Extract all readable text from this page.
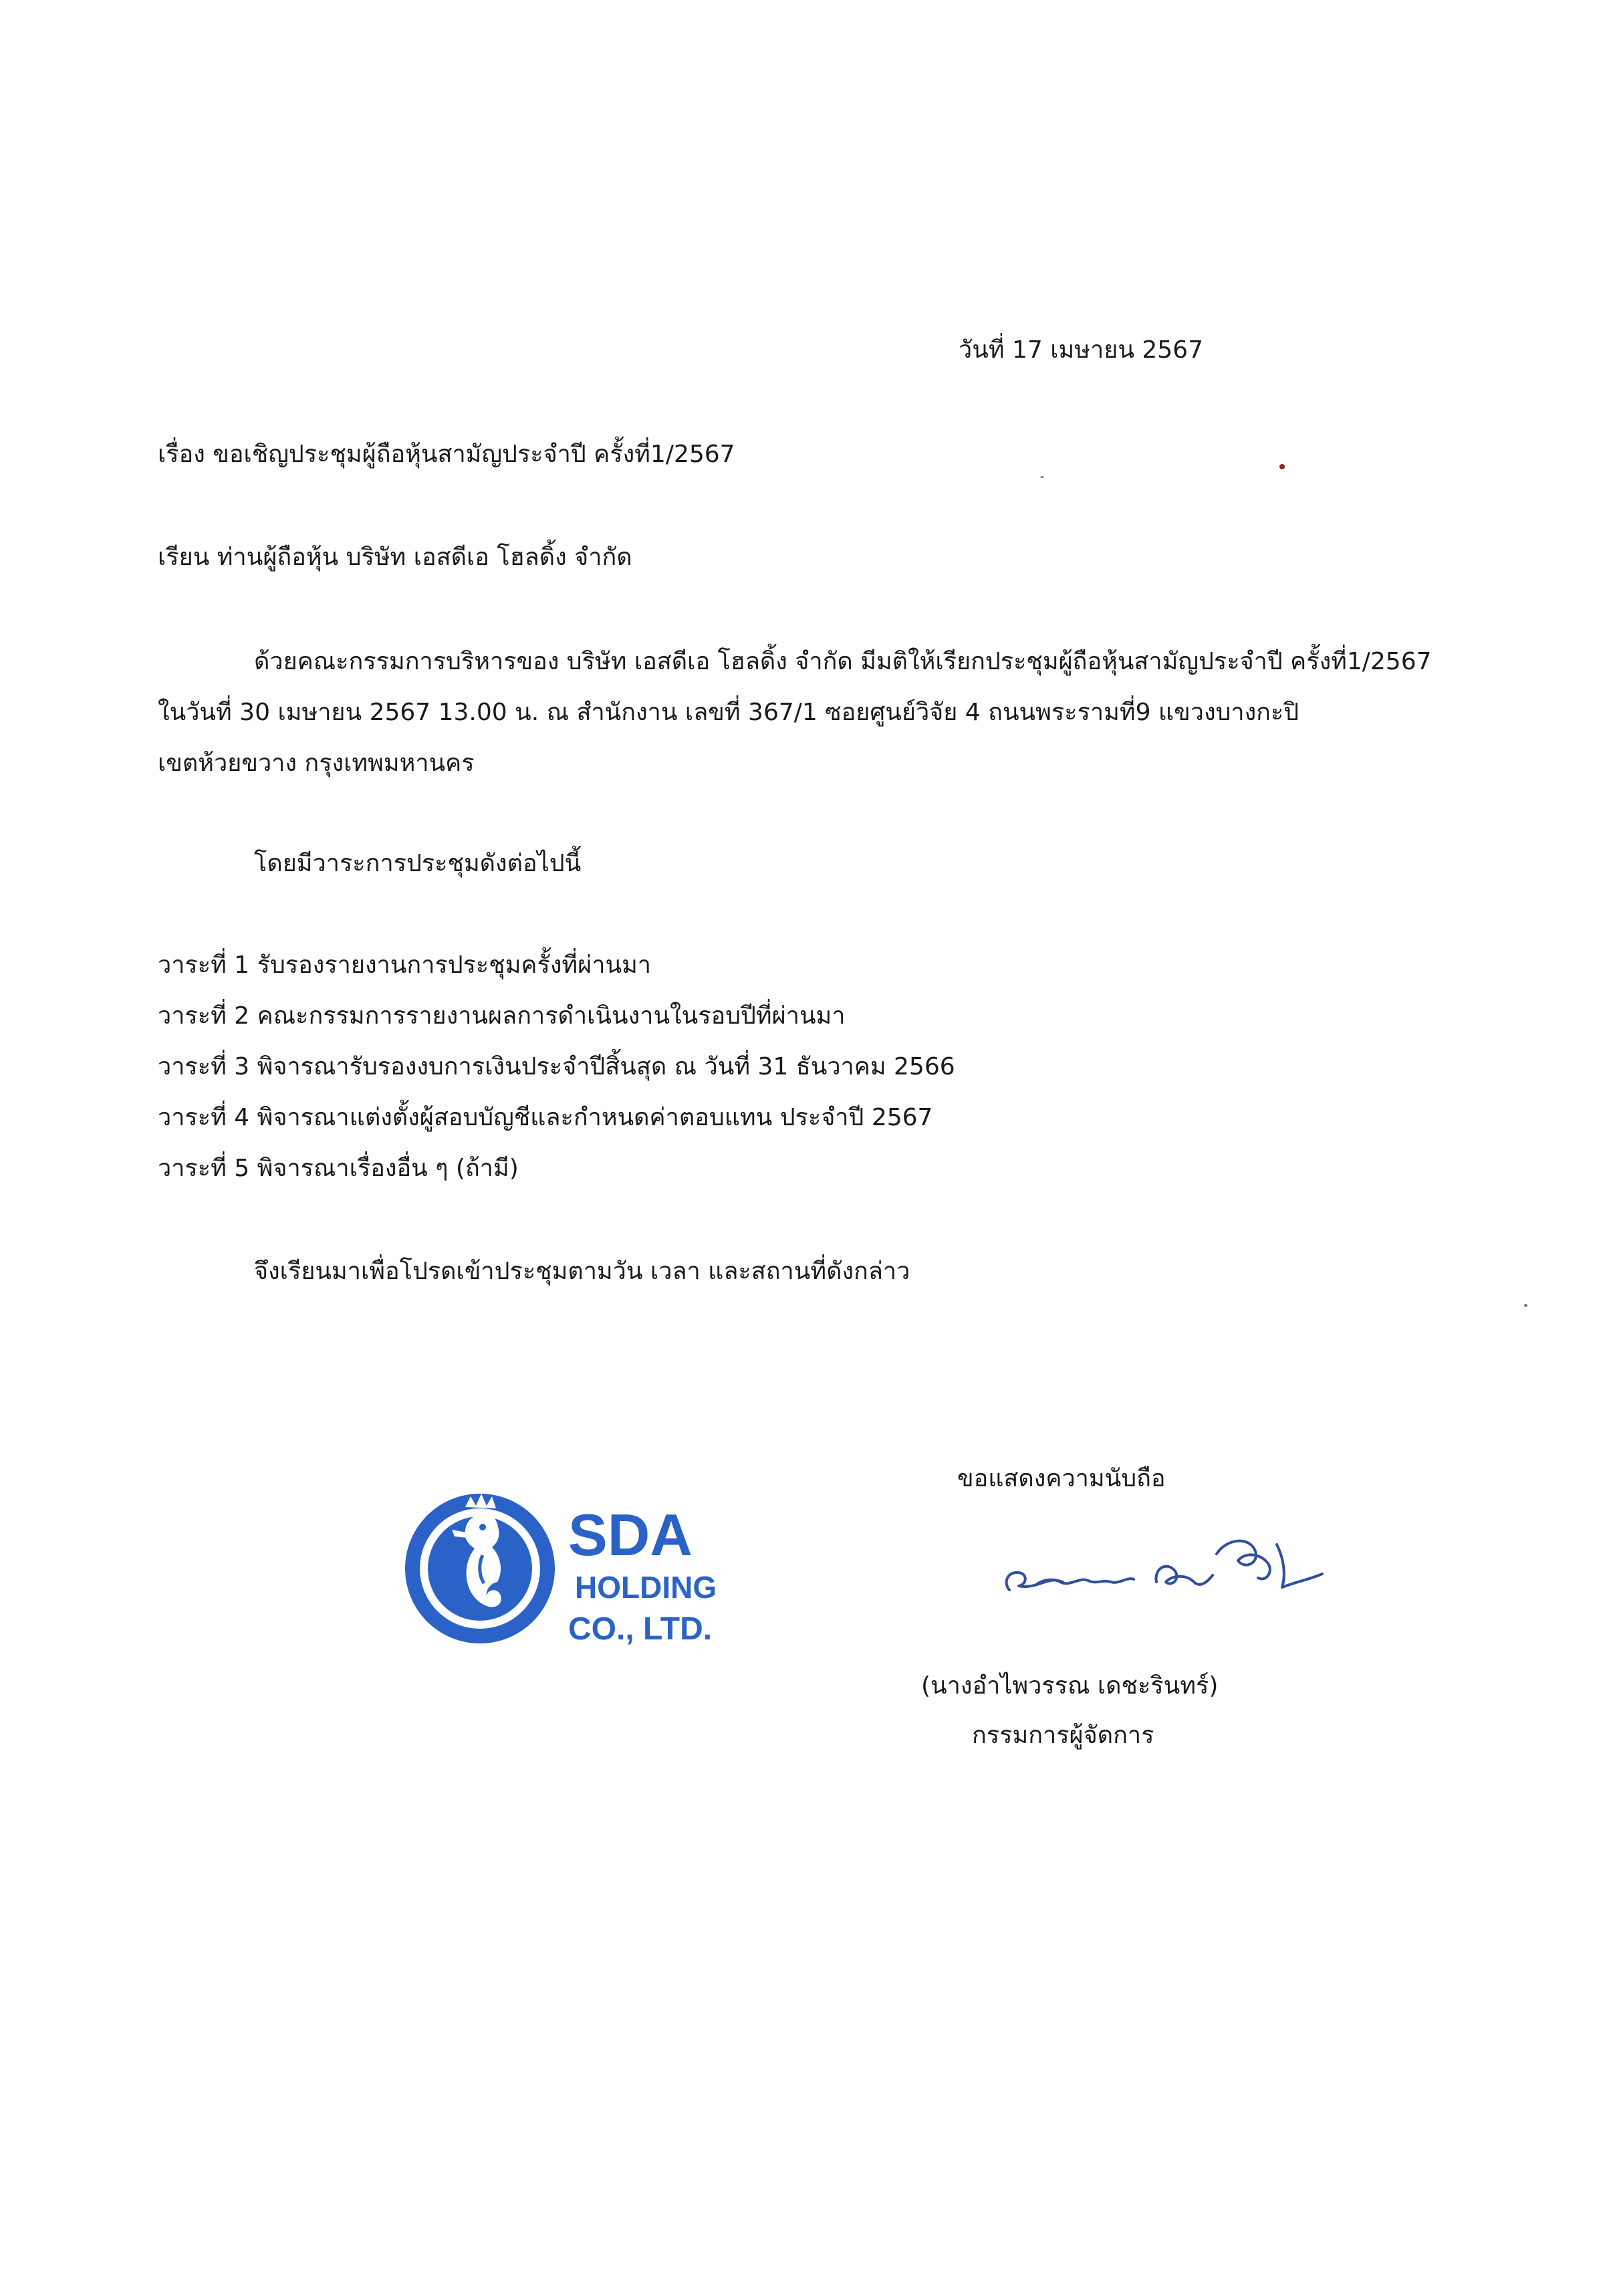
วันที่ 17 เมษายน 2567
เรื่อง ขอเชิญประชุมผู้ถือหุ้นสามัญประจำปี ครั้งที่1/2567
เรียน ท่านผู้ถือหุ้น บริษัท เอสดีเอ โฮลดิ้ง จำกัด
ด้วยคณะกรรมการบริหารของ บริษัท เอสดีเอ โฮลดิ้ง จำกัด มีมติให้เรียกประชุมผู้ถือหุ้นสามัญประจำปี ครั้งที่1/2567
ในวันที่ 30 เมษายน 2567 13.00 น. ณ สำนักงาน เลขที่ 367/1 ซอยศูนย์วิจัย 4 ถนนพระรามที่9 แขวงบางกะปิ
เขตห้วยขวาง กรุงเทพมหานคร
โดยมีวาระการประชุมดังต่อไปนี้
วาระที่ 1 รับรองรายงานการประชุมครั้งที่ผ่านมา
วาระที่ 2 คณะกรรมการรายงานผลการดำเนินงานในรอบปีที่ผ่านมา
วาระที่ 3 พิจารณารับรองงบการเงินประจำปีสิ้นสุด ณ วันที่ 31 ธันวาคม 2566
วาระที่ 4 พิจารณาแต่งตั้งผู้สอบบัญชีและกำหนดค่าตอบแทน ประจำปี 2567
วาระที่ 5 พิจารณาเรื่องอื่น ๆ (ถ้ามี)
จึงเรียนมาเพื่อโปรดเข้าประชุมตามวัน เวลา และสถานที่ดังกล่าว
ขอแสดงความนับถือ
SDA
HOLDING
CO., LTD.
(นางอำไพวรรณ เดชะรินทร์)
กรรมการผู้จัดการ
